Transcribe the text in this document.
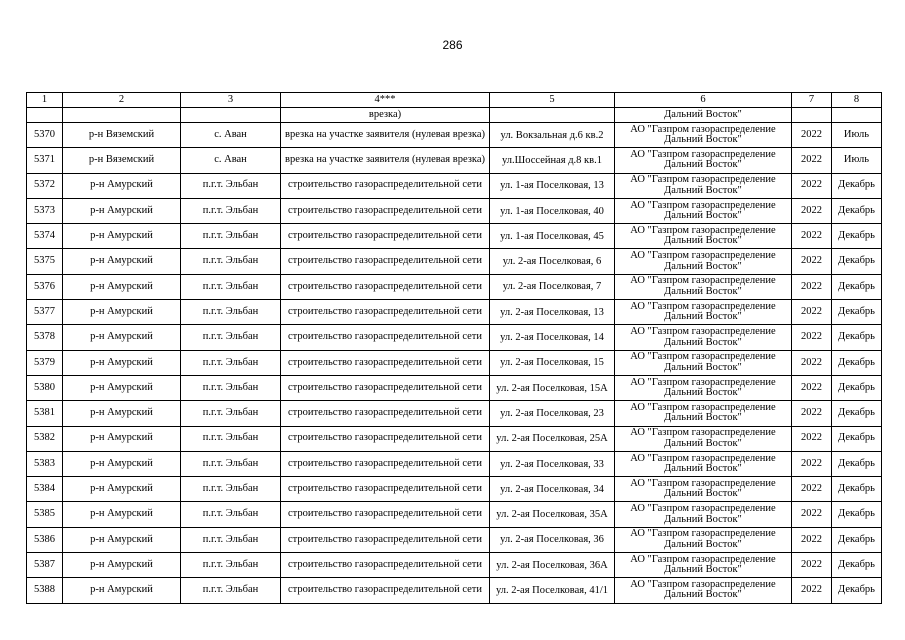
286
1	2	3	4***	5	6	7	8
			врезка)		Дальний Восток"		
5370	р-н Вяземский	с. Аван	врезка на участке заявителя (нулевая врезка)	ул. Вокзальная д.6 кв.2	АО "Газпром газораспределение Дальний Восток"	2022	Июль
5371	р-н Вяземский	с. Аван	врезка на участке заявителя (нулевая врезка)	ул.Шоссейная д.8 кв.1	АО "Газпром газораспределение Дальний Восток"	2022	Июль
5372	р-н Амурский	п.г.т. Эльбан	строительство газораспределительной сети	ул. 1-ая Поселковая, 13	АО "Газпром газораспределение Дальний Восток"	2022	Декабрь
5373	р-н Амурский	п.г.т. Эльбан	строительство газораспределительной сети	ул. 1-ая Поселковая, 40	АО "Газпром газораспределение Дальний Восток"	2022	Декабрь
5374	р-н Амурский	п.г.т. Эльбан	строительство газораспределительной сети	ул. 1-ая Поселковая, 45	АО "Газпром газораспределение Дальний Восток"	2022	Декабрь
5375	р-н Амурский	п.г.т. Эльбан	строительство газораспределительной сети	ул. 2-ая Поселковая, 6	АО "Газпром газораспределение Дальний Восток"	2022	Декабрь
5376	р-н Амурский	п.г.т. Эльбан	строительство газораспределительной сети	ул. 2-ая Поселковая, 7	АО "Газпром газораспределение Дальний Восток"	2022	Декабрь
5377	р-н Амурский	п.г.т. Эльбан	строительство газораспределительной сети	ул. 2-ая Поселковая, 13	АО "Газпром газораспределение Дальний Восток"	2022	Декабрь
5378	р-н Амурский	п.г.т. Эльбан	строительство газораспределительной сети	ул. 2-ая Поселковая, 14	АО "Газпром газораспределение Дальний Восток"	2022	Декабрь
5379	р-н Амурский	п.г.т. Эльбан	строительство газораспределительной сети	ул. 2-ая Поселковая, 15	АО "Газпром газораспределение Дальний Восток"	2022	Декабрь
5380	р-н Амурский	п.г.т. Эльбан	строительство газораспределительной сети	ул. 2-ая Поселковая, 15А	АО "Газпром газораспределение Дальний Восток"	2022	Декабрь
5381	р-н Амурский	п.г.т. Эльбан	строительство газораспределительной сети	ул. 2-ая Поселковая, 23	АО "Газпром газораспределение Дальний Восток"	2022	Декабрь
5382	р-н Амурский	п.г.т. Эльбан	строительство газораспределительной сети	ул. 2-ая Поселковая, 25А	АО "Газпром газораспределение Дальний Восток"	2022	Декабрь
5383	р-н Амурский	п.г.т. Эльбан	строительство газораспределительной сети	ул. 2-ая Поселковая, 33	АО "Газпром газораспределение Дальний Восток"	2022	Декабрь
5384	р-н Амурский	п.г.т. Эльбан	строительство газораспределительной сети	ул. 2-ая Поселковая, 34	АО "Газпром газораспределение Дальний Восток"	2022	Декабрь
5385	р-н Амурский	п.г.т. Эльбан	строительство газораспределительной сети	ул. 2-ая Поселковая, 35А	АО "Газпром газораспределение Дальний Восток"	2022	Декабрь
5386	р-н Амурский	п.г.т. Эльбан	строительство газораспределительной сети	ул. 2-ая Поселковая, 36	АО "Газпром газораспределение Дальний Восток"	2022	Декабрь
5387	р-н Амурский	п.г.т. Эльбан	строительство газораспределительной сети	ул. 2-ая Поселковая, 36А	АО "Газпром газораспределение Дальний Восток"	2022	Декабрь
5388	р-н Амурский	п.г.т. Эльбан	строительство газораспределительной сети	ул. 2-ая Поселковая, 41/1	АО "Газпром газораспределение Дальний Восток"	2022	Декабрь
